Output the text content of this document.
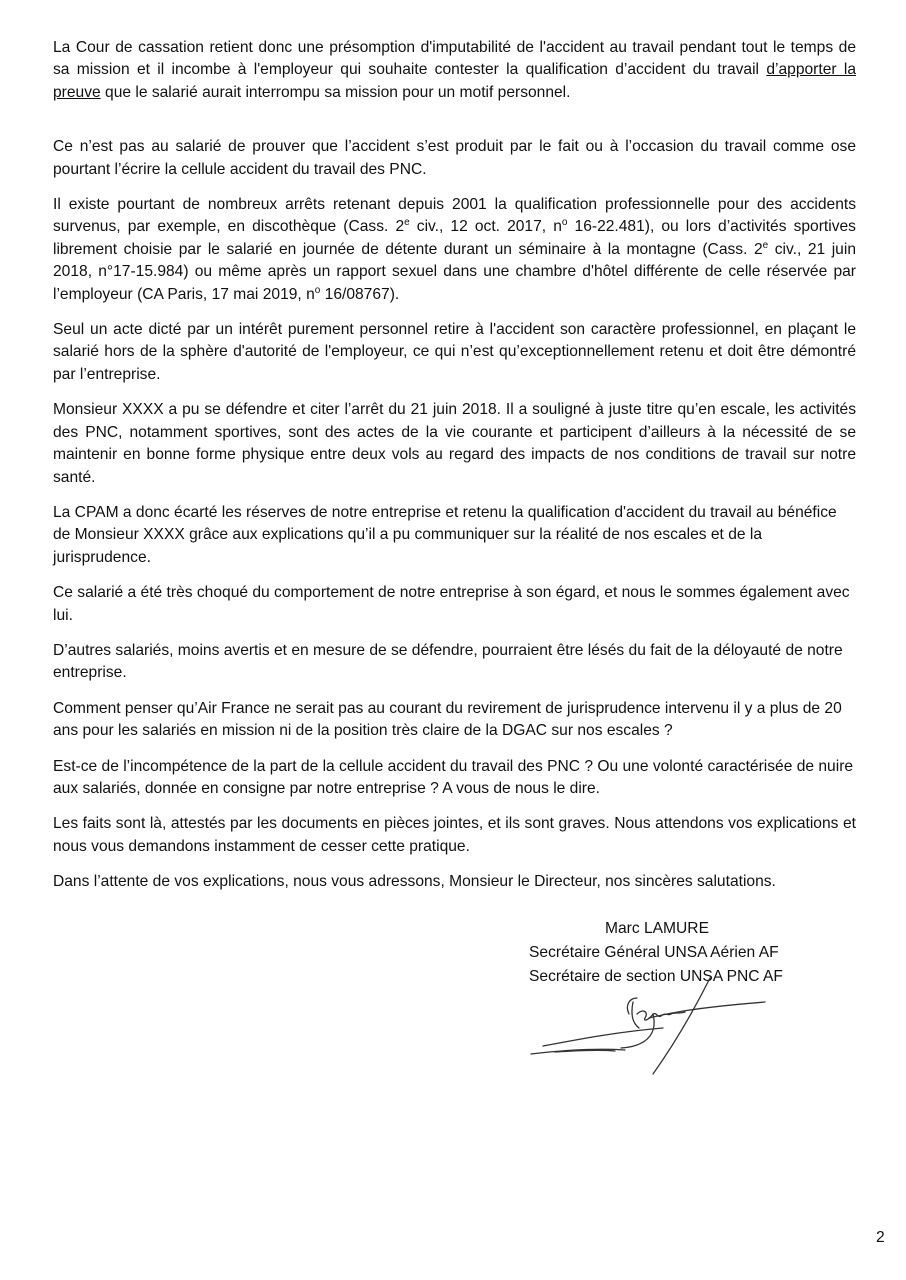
La Cour de cassation retient donc une présomption d'imputabilité de l'accident au travail pendant tout le temps de sa mission et il incombe à l'employeur qui souhaite contester la qualification d’accident du travail d’apporter la preuve que le salarié aurait interrompu sa mission pour un motif personnel.

Ce n’est pas au salarié de prouver que l’accident s’est produit par le fait ou à l’occasion du travail comme ose pourtant l’écrire la cellule accident du travail des PNC.

Il existe pourtant de nombreux arrêts retenant depuis 2001 la qualification professionnelle pour des accidents survenus, par exemple, en discothèque (Cass. 2e civ., 12 oct. 2017, $n^o$ 16-22.481), ou lors d’activités sportives librement choisie par le salarié en journée de détente durant un séminaire à la montagne (Cass. 2e civ., 21 juin 2018, n°17-15.984) ou même après un rapport sexuel dans une chambre d'hôtel différente de celle réservée par l’employeur (CA Paris, 17 mai 2019, $n^o$ 16/08767).

Seul un acte dicté par un intérêt purement personnel retire à l'accident son caractère professionnel, en plaçant le salarié hors de la sphère d'autorité de l'employeur, ce qui n’est qu’exceptionnellement retenu et doit être démontré par l’entreprise.

Monsieur XXXX a pu se défendre et citer l’arrêt du 21 juin 2018. Il a souligné à juste titre qu’en escale, les activités des PNC, notamment sportives, sont des actes de la vie courante et participent d’ailleurs à la nécessité de se maintenir en bonne forme physique entre deux vols au regard des impacts de nos conditions de travail sur notre santé.

La CPAM a donc écarté les réserves de notre entreprise et retenu la qualification d'accident du travail au bénéfice de Monsieur XXXX grâce aux explications qu’il a pu communiquer sur la réalité de nos escales et de la jurisprudence.

Ce salarié a été très choqué du comportement de notre entreprise à son égard, et nous le sommes également avec lui.

D’autres salariés, moins avertis et en mesure de se défendre, pourraient être lésés du fait de la déloyauté de notre entreprise.

Comment penser qu’Air France ne serait pas au courant du revirement de jurisprudence intervenu il y a plus de 20 ans pour les salariés en mission ni de la position très claire de la DGAC sur nos escales ?

Est-ce de l’incompétence de la part de la cellule accident du travail des PNC ? Ou une volonté caractérisée de nuire aux salariés, donnée en consigne par notre entreprise ? A vous de nous le dire.

Les faits sont là, attestés par les documents en pièces jointes, et ils sont graves. Nous attendons vos explications et nous vous demandons instamment de cesser cette pratique.

Dans l’attente de vos explications, nous vous adressons, Monsieur le Directeur, nos sincères salutations.

Marc LAMURE
Secrétaire Général UNSA Aérien AF
Secrétaire de section UNSA PNC AF
2
